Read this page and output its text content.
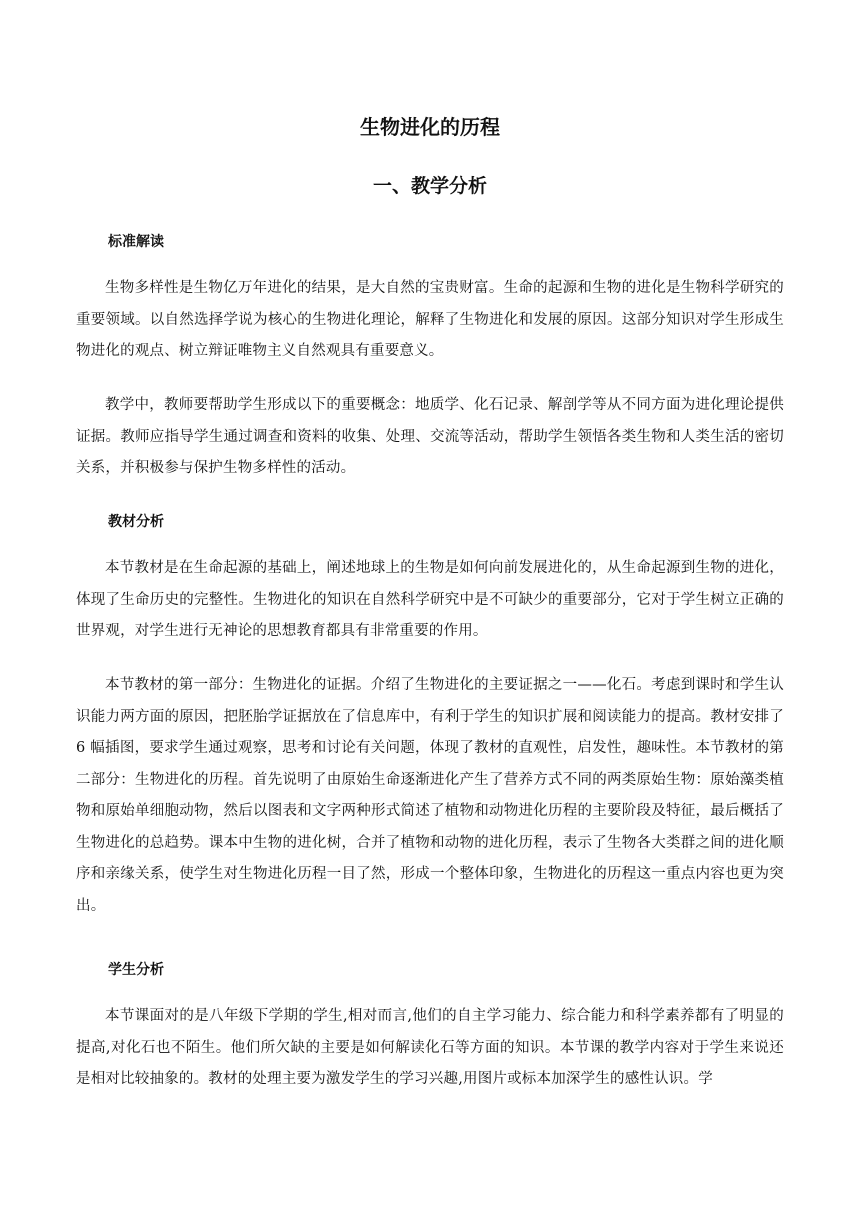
生物进化的历程
一、教学分析
标准解读

生物多样性是生物亿万年进化的结果，是大自然的宝贵财富。生命的起源和生物的进化是生物科学研究的重要领域。以自然选择学说为核心的生物进化理论，解释了生物进化和发展的原因。这部分知识对学生形成生物进化的观点、树立辩证唯物主义自然观具有重要意义。

教学中，教师要帮助学生形成以下的重要概念：地质学、化石记录、解剖学等从不同方面为进化理论提供证据。教师应指导学生通过调查和资料的收集、处理、交流等活动，帮助学生领悟各类生物和人类生活的密切关系，并积极参与保护生物多样性的活动。

教材分析

本节教材是在生命起源的基础上，阐述地球上的生物是如何向前发展进化的，从生命起源到生物的进化，体现了生命历史的完整性。生物进化的知识在自然科学研究中是不可缺少的重要部分，它对于学生树立正确的世界观，对学生进行无神论的思想教育都具有非常重要的作用。

本节教材的第一部分：生物进化的证据。介绍了生物进化的主要证据之一——化石。考虑到课时和学生认识能力两方面的原因，把胚胎学证据放在了信息库中，有利于学生的知识扩展和阅读能力的提高。教材安排了 6 幅插图，要求学生通过观察，思考和讨论有关问题，体现了教材的直观性，启发性，趣味性。本节教材的第二部分：生物进化的历程。首先说明了由原始生命逐渐进化产生了营养方式不同的两类原始生物：原始藻类植物和原始单细胞动物，然后以图表和文字两种形式简述了植物和动物进化历程的主要阶段及特征，最后概括了生物进化的总趋势。课本中生物的进化树，合并了植物和动物的进化历程，表示了生物各大类群之间的进化顺序和亲缘关系，使学生对生物进化历程一目了然，形成一个整体印象，生物进化的历程这一重点内容也更为突出。

学生分析

本节课面对的是八年级下学期的学生,相对而言,他们的自主学习能力、综合能力和科学素养都有了明显的提高,对化石也不陌生。他们所欠缺的主要是如何解读化石等方面的知识。本节课的教学内容对于学生来说还是相对比较抽象的。教材的处理主要为激发学生的学习兴趣,用图片或标本加深学生的感性认识。学
